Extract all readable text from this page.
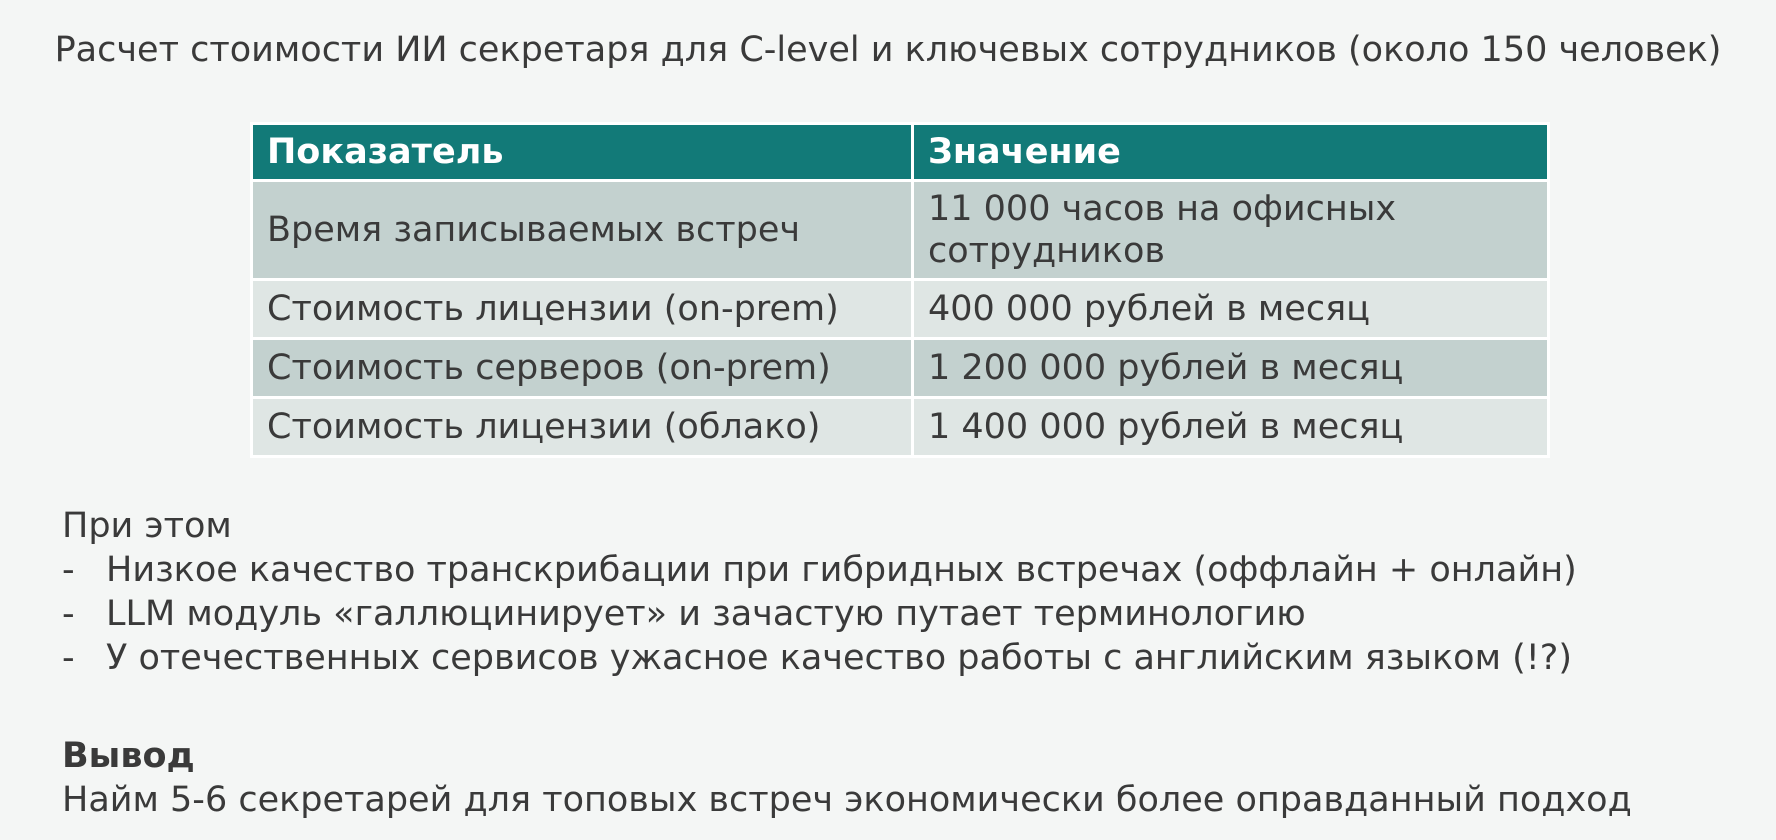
Расчет стоимости ИИ секретаря для C-level и ключевых сотрудников (около 150 человек)
Показатель	Значение
Время записываемых встреч	11 000 часов на офисных сотрудников
Стоимость лицензии (on-prem)	400 000 рублей в месяц
Стоимость серверов (on-prem)	1 200 000 рублей в месяц
Стоимость лицензии (облако)	1 400 000 рублей в месяц
При этом
- Низкое качество транскрибации при гибридных встречах (оффлайн + онлайн)
- LLM модуль «галлюцинирует» и зачастую путает терминологию
- У отечественных сервисов ужасное качество работы с английским языком (!?)
Вывод
Найм 5-6 секретарей для топовых встреч экономически более оправданный подход
